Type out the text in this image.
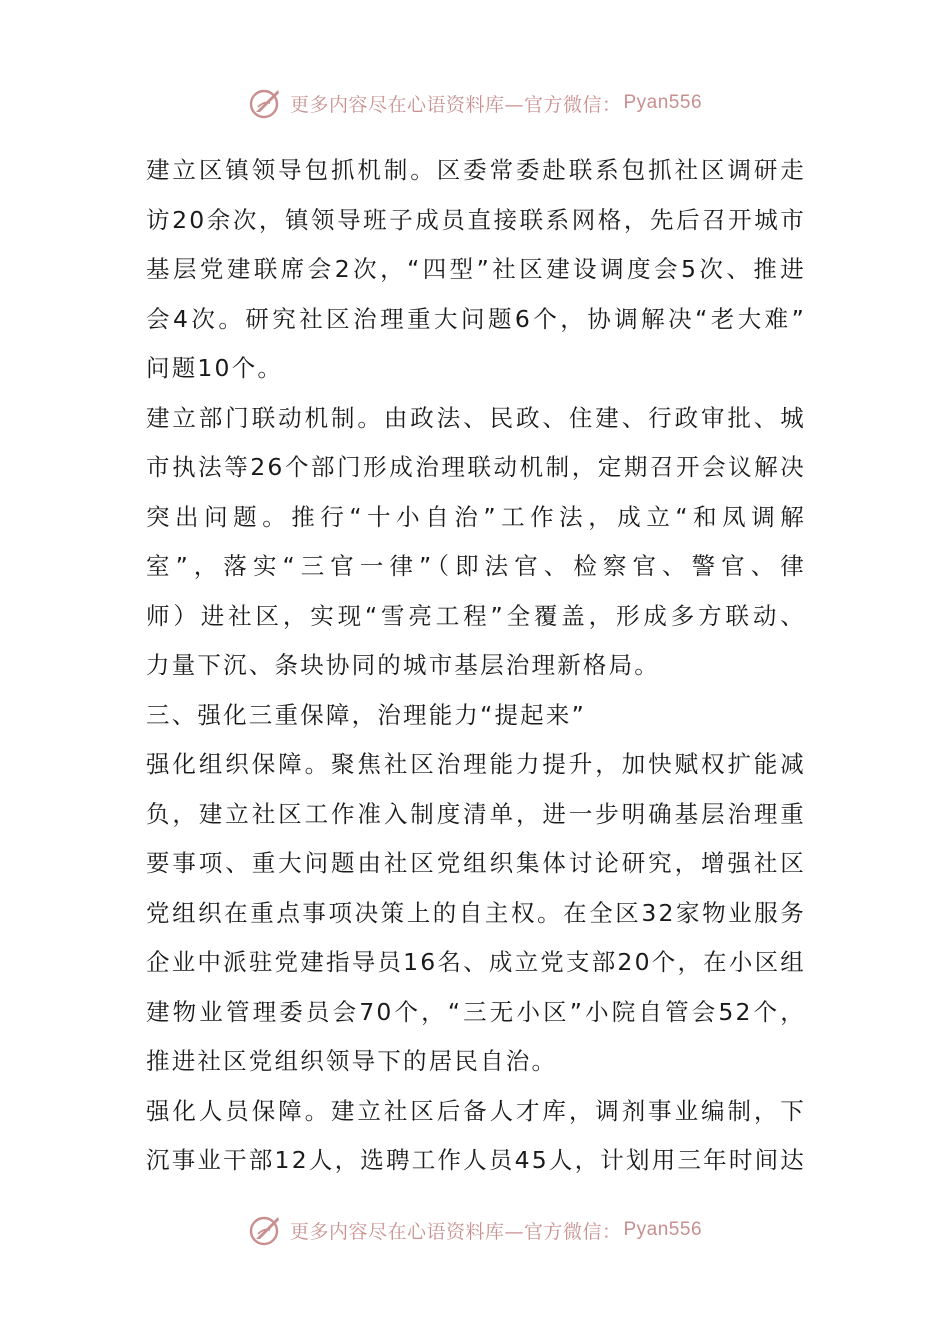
更多内容尽在心语资料库—官方微信： Pyan556
建立区镇领导包抓机制。区委常委赴联系包抓社区调研走
访20余次，镇领导班子成员直接联系网格，先后召开城市
基层党建联席会2次，“四型”社区建设调度会5次、推进
会4次。研究社区治理重大问题6个，协调解决“老大难”
问题10个。
建立部门联动机制。由政法、民政、住建、行政审批、城
市执法等26个部门形成治理联动机制，定期召开会议解决
突出问题。推行“十小自治”工作法，成立“和凤调解
室”，落实“三官一律”（即法官、检察官、警官、律
师）进社区，实现“雪亮工程”全覆盖，形成多方联动、
力量下沉、条块协同的城市基层治理新格局。
三、强化三重保障，治理能力“提起来”
强化组织保障。聚焦社区治理能力提升，加快赋权扩能减
负，建立社区工作准入制度清单，进一步明确基层治理重
要事项、重大问题由社区党组织集体讨论研究，增强社区
党组织在重点事项决策上的自主权。在全区32家物业服务
企业中派驻党建指导员16名、成立党支部20个，在小区组
建物业管理委员会70个，“三无小区”小院自管会52个，
推进社区党组织领导下的居民自治。
强化人员保障。建立社区后备人才库，调剂事业编制，下
沉事业干部12人，选聘工作人员45人，计划用三年时间达
更多内容尽在心语资料库—官方微信： Pyan556
